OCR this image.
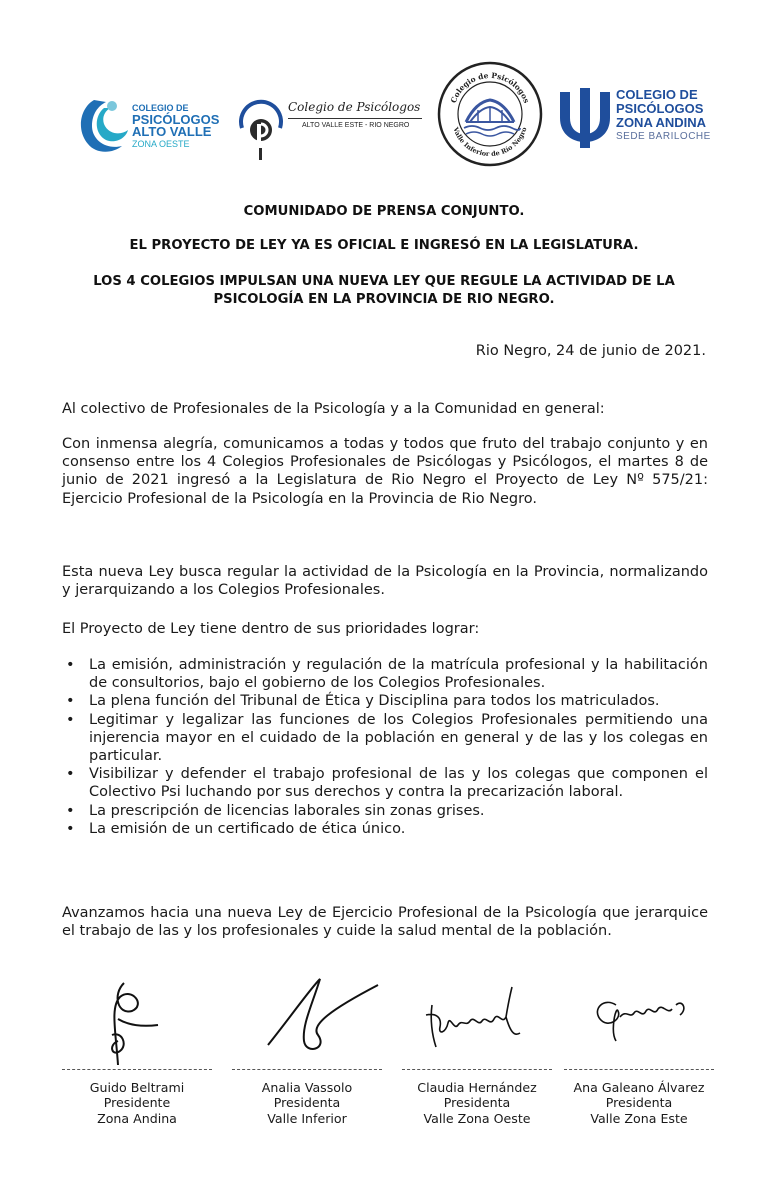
COLEGIO DE
PSICÓLOGOS
ALTO VALLE
ZONA OESTE
Colegio de Psicólogos
ALTO VALLE ESTE - RIO NEGRO
Colegio de Psicólogos
Valle Inferior de Río Negro
COLEGIO DE
PSICÓLOGOS
ZONA ANDINA
SEDE BARILOCHE
COMUNIDADO DE PRENSA CONJUNTO.
EL PROYECTO DE LEY YA ES OFICIAL E INGRESÓ EN LA LEGISLATURA.
LOS 4 COLEGIOS IMPULSAN UNA NUEVA LEY QUE REGULE LA ACTIVIDAD DE LA
PSICOLOGÍA EN LA PROVINCIA DE RIO NEGRO.
Rio Negro, 24 de junio de 2021.
Al colectivo de Profesionales de la Psicología y a la Comunidad en general:
Con inmensa alegría, comunicamos a todas y todos que fruto del trabajo conjunto y en consenso entre los 4 Colegios Profesionales de Psicólogas y Psicólogos, el martes 8 de junio de 2021 ingresó a la Legislatura de Rio Negro el Proyecto de Ley Nº 575/21: Ejercicio Profesional de la Psicología en la Provincia de Rio Negro.
Esta nueva Ley busca regular la actividad de la Psicología en la Provincia, normalizando y jerarquizando a los Colegios Profesionales.
El Proyecto de Ley tiene dentro de sus prioridades lograr:
• La emisión, administración y regulación de la matrícula profesional y la habilitación de consultorios, bajo el gobierno de los Colegios Profesionales.
• La plena función del Tribunal de Ética y Disciplina para todos los matriculados.
• Legitimar y legalizar las funciones de los Colegios Profesionales permitiendo una injerencia mayor en el cuidado de la población en general y de las y los colegas en particular.
• Visibilizar y defender el trabajo profesional de las y los colegas que componen el Colectivo Psi luchando por sus derechos y contra la precarización laboral.
• La prescripción de licencias laborales sin zonas grises.
• La emisión de un certificado de ética único.
Avanzamos hacia una nueva Ley de Ejercicio Profesional de la Psicología que jerarquice el trabajo de las y los profesionales y cuide la salud mental de la población.
Guido Beltrami
Presidente
Zona Andina
Analia Vassolo
Presidenta
Valle Inferior
Claudia Hernández
Presidenta
Valle Zona Oeste
Ana Galeano Álvarez
Presidenta
Valle Zona Este
